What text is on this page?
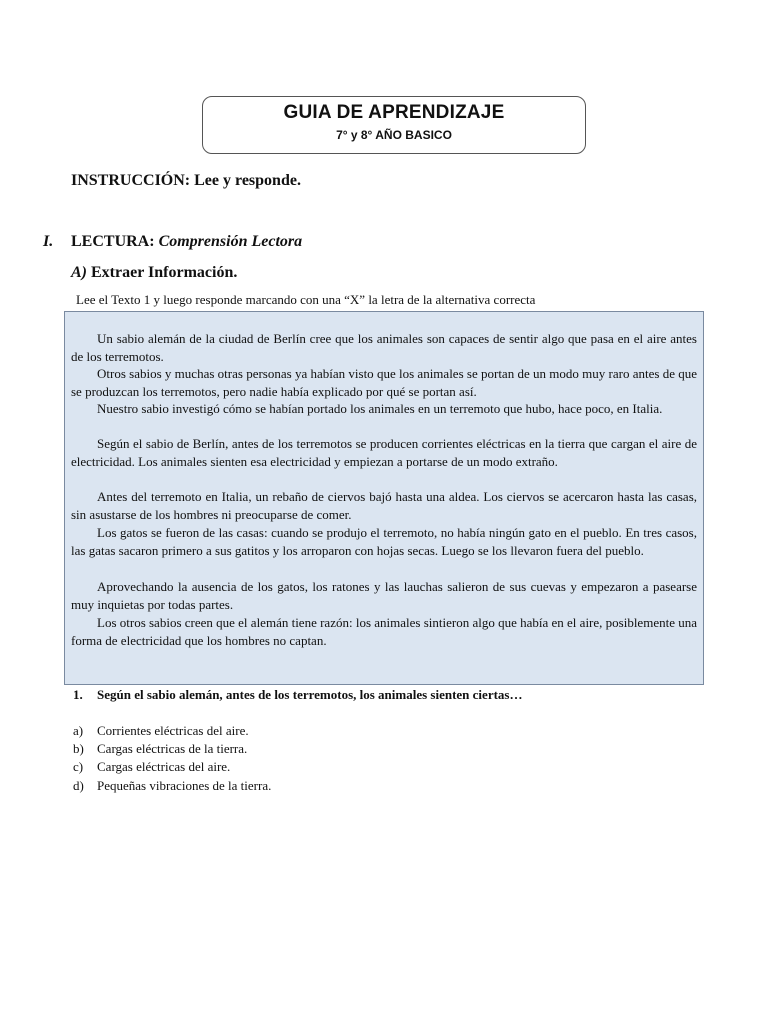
GUIA DE APRENDIZAJE
7° y 8° AÑO BASICO
INSTRUCCIÓN: Lee y responde.
I. LECTURA: Comprensión Lectora
A) Extraer Información.
Lee el Texto 1 y luego responde marcando con una “X” la letra de la alternativa correcta

Un sabio alemán de la ciudad de Berlín cree que los animales son capaces de sentir algo que pasa en el aire antes de los terremotos.

Otros sabios y muchas otras personas ya habían visto que los animales se portan de un modo muy raro antes de que se produzcan los terremotos, pero nadie había explicado por qué se portan así.

Nuestro sabio investigó cómo se habían portado los animales en un terremoto que hubo, hace poco, en Italia.

Según el sabio de Berlín, antes de los terremotos se producen corrientes eléctricas en la tierra que cargan el aire de electricidad. Los animales sienten esa electricidad y empiezan a portarse de un modo extraño.

Antes del terremoto en Italia, un rebaño de ciervos bajó hasta una aldea. Los ciervos se acercaron hasta las casas, sin asustarse de los hombres ni preocuparse de comer.

Los gatos se fueron de las casas: cuando se produjo el terremoto, no había ningún gato en el pueblo. En tres casos, las gatas sacaron primero a sus gatitos y los arroparon con hojas secas. Luego se los llevaron fuera del pueblo.

Aprovechando la ausencia de los gatos, los ratones y las lauchas salieron de sus cuevas y empezaron a pasearse muy inquietas por todas partes.

Los otros sabios creen que el alemán tiene razón: los animales sintieron algo que había en el aire, posiblemente una forma de electricidad que los hombres no captan.

1. Según el sabio alemán, antes de los terremotos, los animales sienten ciertas…
a) Corrientes eléctricas del aire.
b) Cargas eléctricas de la tierra.
c) Cargas eléctricas del aire.
d) Pequeñas vibraciones de la tierra.
